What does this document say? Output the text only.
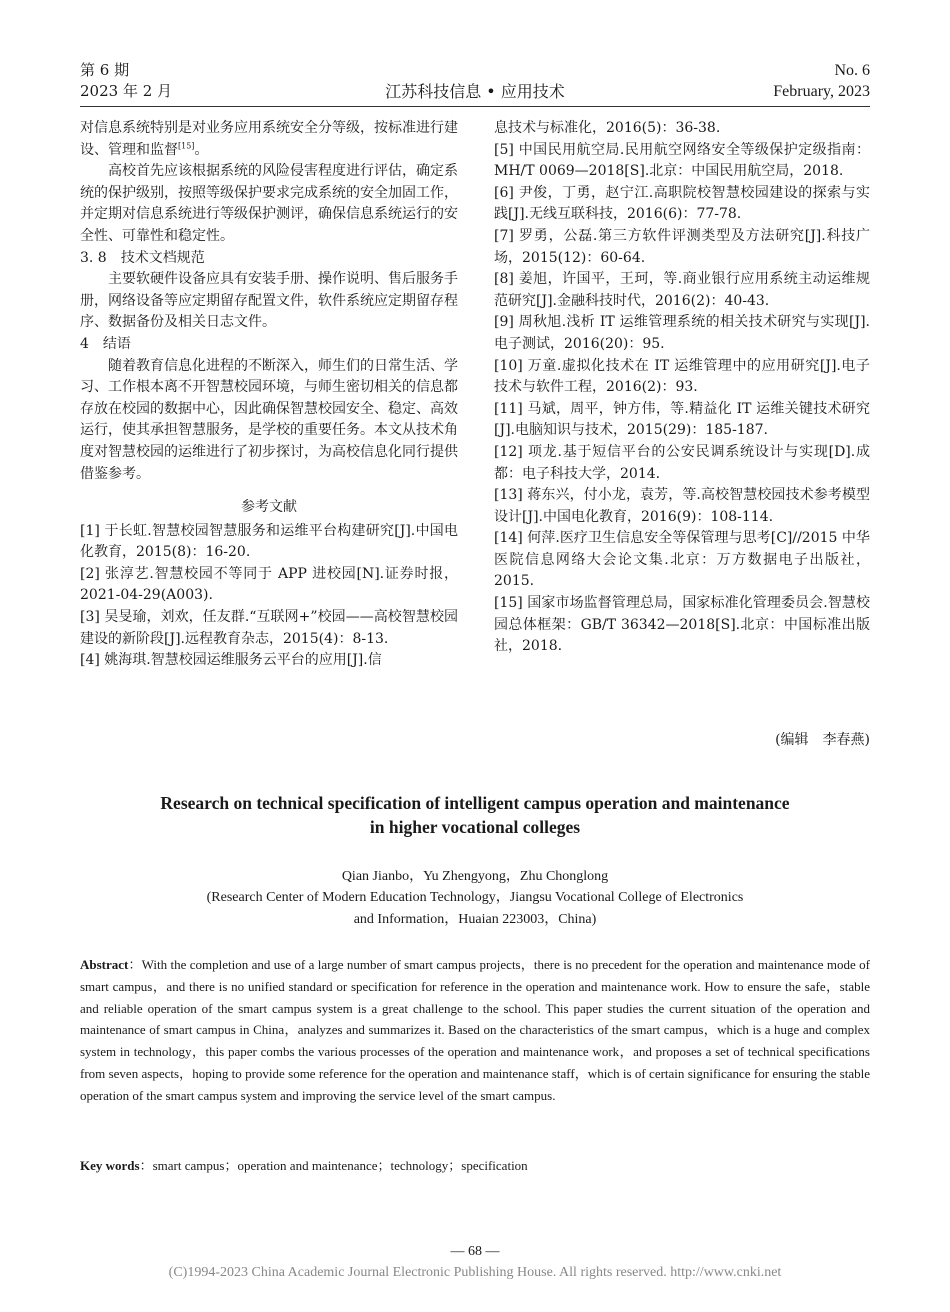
第 6 期
2023 年 2 月	江苏科技信息 • 应用技术
No. 6
February, 2023

对信息系统特别是对业务应用系统安全分等级，按标准进行建设、管理和监督[15]。

高校首先应该根据系统的风险侵害程度进行评估，确定系统的保护级别，按照等级保护要求完成系统的安全加固工作，并定期对信息系统进行等级保护测评，确保信息系统运行的安全性、可靠性和稳定性。

3. 8　技术文档规范

主要软硬件设备应具有安装手册、操作说明、售后服务手册，网络设备等应定期留存配置文件，软件系统应定期留存程序、数据备份及相关日志文件。

4　结语

随着教育信息化进程的不断深入，师生们的日常生活、学习、工作根本离不开智慧校园环境，与师生密切相关的信息都存放在校园的数据中心，因此确保智慧校园安全、稳定、高效运行，使其承担智慧服务，是学校的重要任务。本文从技术角度对智慧校园的运维进行了初步探讨，为高校信息化同行提供借鉴参考。

参考文献

[1] 于长虹.智慧校园智慧服务和运维平台构建研究[J].中国电化教育，2015(8)：16-20.

[2] 张淳艺.智慧校园不等同于 APP 进校园[N].证券时报，2021-04-29(A003).

[3] 吴旻瑜，刘欢，任友群.“互联网+”校园——高校智慧校园建设的新阶段[J].远程教育杂志，2015(4)：8-13.

[4] 姚海琪.智慧校园运维服务云平台的应用[J].信

息技术与标准化，2016(5)：36-38.

[5] 中国民用航空局.民用航空网络安全等级保护定级指南：MH/T 0069—2018[S].北京：中国民用航空局，2018.

[6] 尹俊，丁勇，赵宁江.高职院校智慧校园建设的探索与实践[J].无线互联科技，2016(6)：77-78.

[7] 罗勇，公磊.第三方软件评测类型及方法研究[J].科技广场，2015(12)：60-64.

[8] 姜旭，许国平，王珂，等.商业银行应用系统主动运维规范研究[J].金融科技时代，2016(2)：40-43.

[9] 周秋旭.浅析 IT 运维管理系统的相关技术研究与实现[J].电子测试，2016(20)：95.

[10] 万童.虚拟化技术在 IT 运维管理中的应用研究[J].电子技术与软件工程，2016(2)：93.

[11] 马斌，周平，钟方伟，等.精益化 IT 运维关键技术研究[J].电脑知识与技术，2015(29)：185-187.

[12] 项龙.基于短信平台的公安民调系统设计与实现[D].成都：电子科技大学，2014.

[13] 蒋东兴，付小龙，袁芳，等.高校智慧校园技术参考模型设计[J].中国电化教育，2016(9)：108-114.

[14] 何萍.医疗卫生信息安全等保管理与思考[C]//2015 中华医院信息网络大会论文集.北京：万方数据电子出版社，2015.

[15] 国家市场监督管理总局，国家标准化管理委员会.智慧校园总体框架：GB/T 36342—2018[S].北京：中国标准出版社，2018.

(编辑　李春燕)
Research on technical specification of intelligent campus operation and maintenance
in higher vocational colleges
Qian Jianbo，Yu Zhengyong，Zhu Chonglong
(Research Center of Modern Education Technology，Jiangsu Vocational College of Electronics
and Information，Huaian 223003，China)
Abstract：With the completion and use of a large number of smart campus projects，there is no precedent for the operation and maintenance mode of smart campus，and there is no unified standard or specification for reference in the operation and maintenance work. How to ensure the safe，stable and reliable operation of the smart campus system is a great challenge to the school. This paper studies the current situation of the operation and maintenance of smart campus in China，analyzes and summarizes it. Based on the characteristics of the smart campus，which is a huge and complex system in technology，this paper combs the various processes of the operation and maintenance work，and proposes a set of technical specifications from seven aspects，hoping to provide some reference for the operation and maintenance staff，which is of certain significance for ensuring the stable operation of the smart campus system and improving the service level of the smart campus.
Key words：smart campus；operation and maintenance；technology；specification
— 68 —
(C)1994-2023 China Academic Journal Electronic Publishing House. All rights reserved. http://www.cnki.net
